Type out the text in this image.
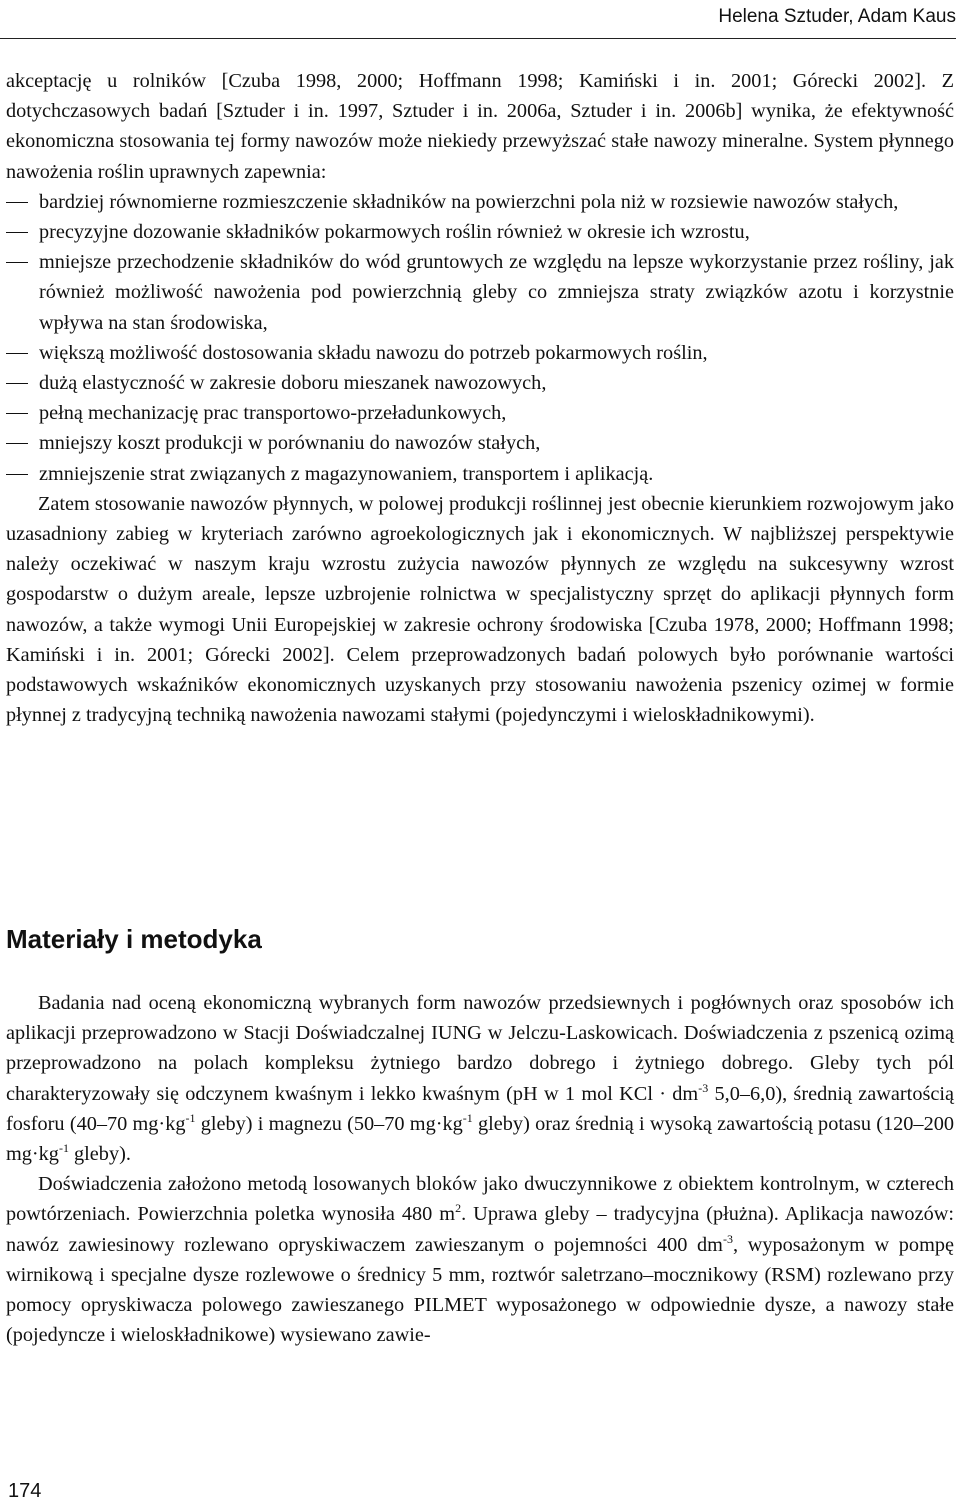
Helena Sztuder, Adam Kaus

akceptację u rolników [Czuba 1998, 2000; Hoffmann 1998; Kamiński i in. 2001; Górecki 2002]. Z dotychczasowych badań [Sztuder i in. 1997, Sztuder i in. 2006a, Sztuder i in. 2006b] wynika, że efektywność ekonomiczna stosowania tej formy nawozów może niekiedy przewyższać stałe nawozy mineralne. System płynnego nawożenia roślin uprawnych zapewnia:

bardziej równomierne rozmieszczenie składników na powierzchni pola niż w rozsiewie nawozów stałych,
precyzyjne dozowanie składników pokarmowych roślin również w okresie ich wzrostu,
mniejsze przechodzenie składników do wód gruntowych ze względu na lepsze wykorzystanie przez rośliny, jak również możliwość nawożenia pod powierzchnią gleby co zmniejsza straty związków azotu i korzystnie wpływa na stan środowiska,
większą możliwość dostosowania składu nawozu do potrzeb pokarmowych roślin,
dużą elastyczność w zakresie doboru mieszanek nawozowych,
pełną mechanizację prac transportowo-przeładunkowych,
mniejszy koszt produkcji w porównaniu do nawozów stałych,
zmniejszenie strat związanych z magazynowaniem, transportem i aplikacją.

Zatem stosowanie nawozów płynnych, w polowej produkcji roślinnej jest obecnie kierunkiem rozwojowym jako uzasadniony zabieg w kryteriach zarówno agroekologicznych jak i ekonomicznych. W najbliższej perspektywie należy oczekiwać w naszym kraju wzrostu zużycia nawozów płynnych ze względu na sukcesywny wzrost gospodarstw o dużym areale, lepsze uzbrojenie rolnictwa w specjalistyczny sprzęt do aplikacji płynnych form nawozów, a także wymogi Unii Europejskiej w zakresie ochrony środowiska [Czuba 1978, 2000; Hoffmann 1998; Kamiński i in. 2001; Górecki 2002]. Celem przeprowadzonych badań polowych było porównanie wartości podstawowych wskaźników ekonomicznych uzyskanych przy stosowaniu nawożenia pszenicy ozimej w formie płynnej z tradycyjną techniką nawożenia nawozami stałymi (pojedynczymi i wieloskładnikowymi).

Materiały i metodyka

Badania nad oceną ekonomiczną wybranych form nawozów przedsiewnych i pogłównych oraz sposobów ich aplikacji przeprowadzono w Stacji Doświadczalnej IUNG w Jelczu-Laskowicach. Doświadczenia z pszenicą ozimą przeprowadzono na polach kompleksu żytniego bardzo dobrego i żytniego dobrego. Gleby tych pól charakteryzowały się odczynem kwaśnym i lekko kwaśnym (pH w 1 mol KCl · $dm^{-3}$ 5,0–6,0), średnią zawartością fosforu (40–70 $mg\cdot kg^{-1}$ gleby) i magnezu (50–70 $mg\cdot kg^{-1}$ gleby) oraz średnią i wysoką zawartością potasu (120–200 $mg\cdot kg^{-1}$ gleby).

Doświadczenia założono metodą losowanych bloków jako dwuczynnikowe z obiektem kontrolnym, w czterech powtórzeniach. Powierzchnia poletka wynosiła 480 $m^2$. Uprawa gleby – tradycyjna (płużna). Aplikacja nawozów: nawóz zawiesinowy rozlewano opryskiwaczem zawieszanym o pojemności 400 $dm^{-3}$, wyposażonym w pompę wirnikową i specjalne dysze rozlewowe o średnicy 5 mm, roztwór saletrzano–mocznikowy (RSM) rozlewano przy pomocy opryskiwacza polowego zawieszanego PILMET wyposażonego w odpowiednie dysze, a nawozy stałe (pojedyncze i wieloskładnikowe) wysiewano zawie-

174
